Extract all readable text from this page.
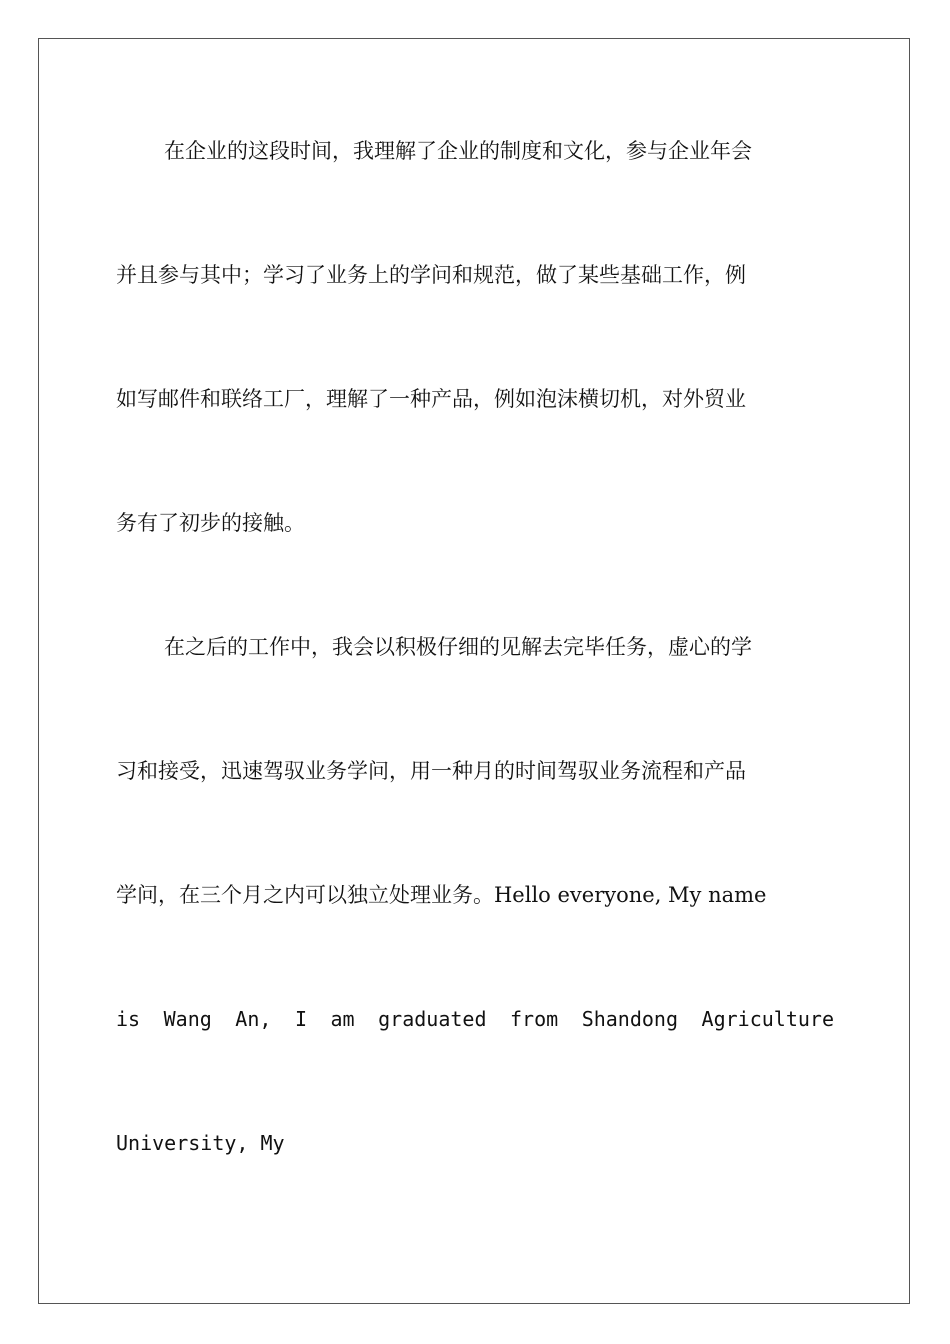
在企业的这段时间，我理解了企业的制度和文化，参与企业年会
并且参与其中；学习了业务上的学问和规范，做了某些基础工作，例
如写邮件和联络工厂，理解了一种产品，例如泡沫横切机，对外贸业
务有了初步的接触。
在之后的工作中，我会以积极仔细的见解去完毕任务，虚心的学
习和接受，迅速驾驭业务学问，用一种月的时间驾驭业务流程和产品
学问，在三个月之内可以独立处理业务。Hello everyone, My name
is Wang An, I am graduated from Shandong Agriculture
University, My
